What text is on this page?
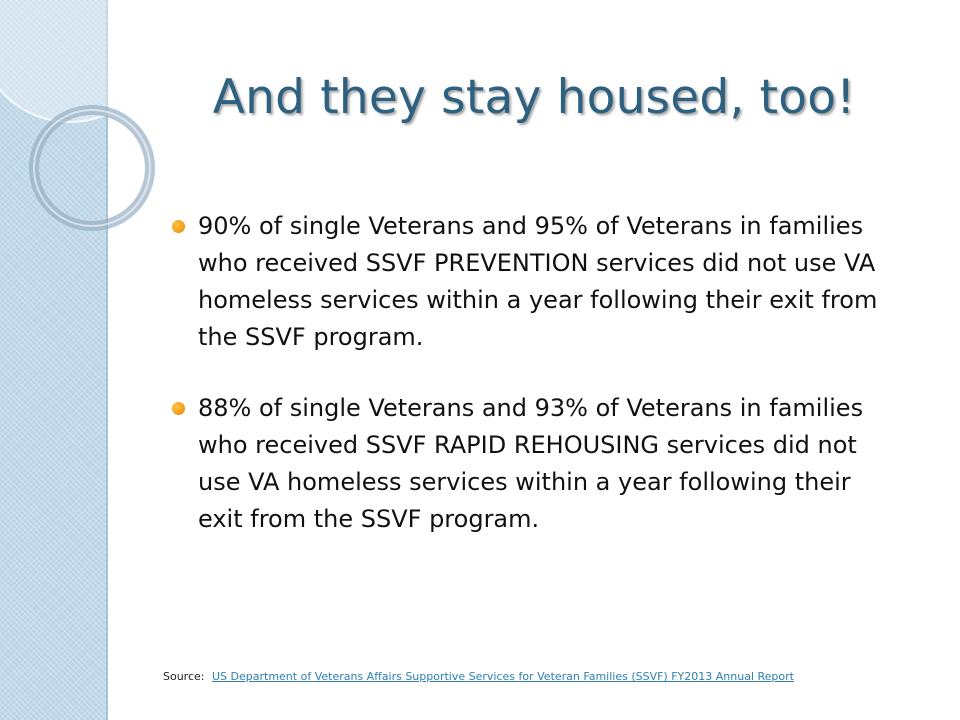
And they stay housed, too!
90% of single Veterans and 95% of Veterans in families who received SSVF PREVENTION services did not use VA homeless services within a year following their exit from the SSVF program.
88% of single Veterans and 93% of Veterans in families who received SSVF RAPID REHOUSING services did not use VA homeless services within a year following their exit from the SSVF program.
Source: US Department of Veterans Affairs Supportive Services for Veteran Families (SSVF) FY2013 Annual Report
